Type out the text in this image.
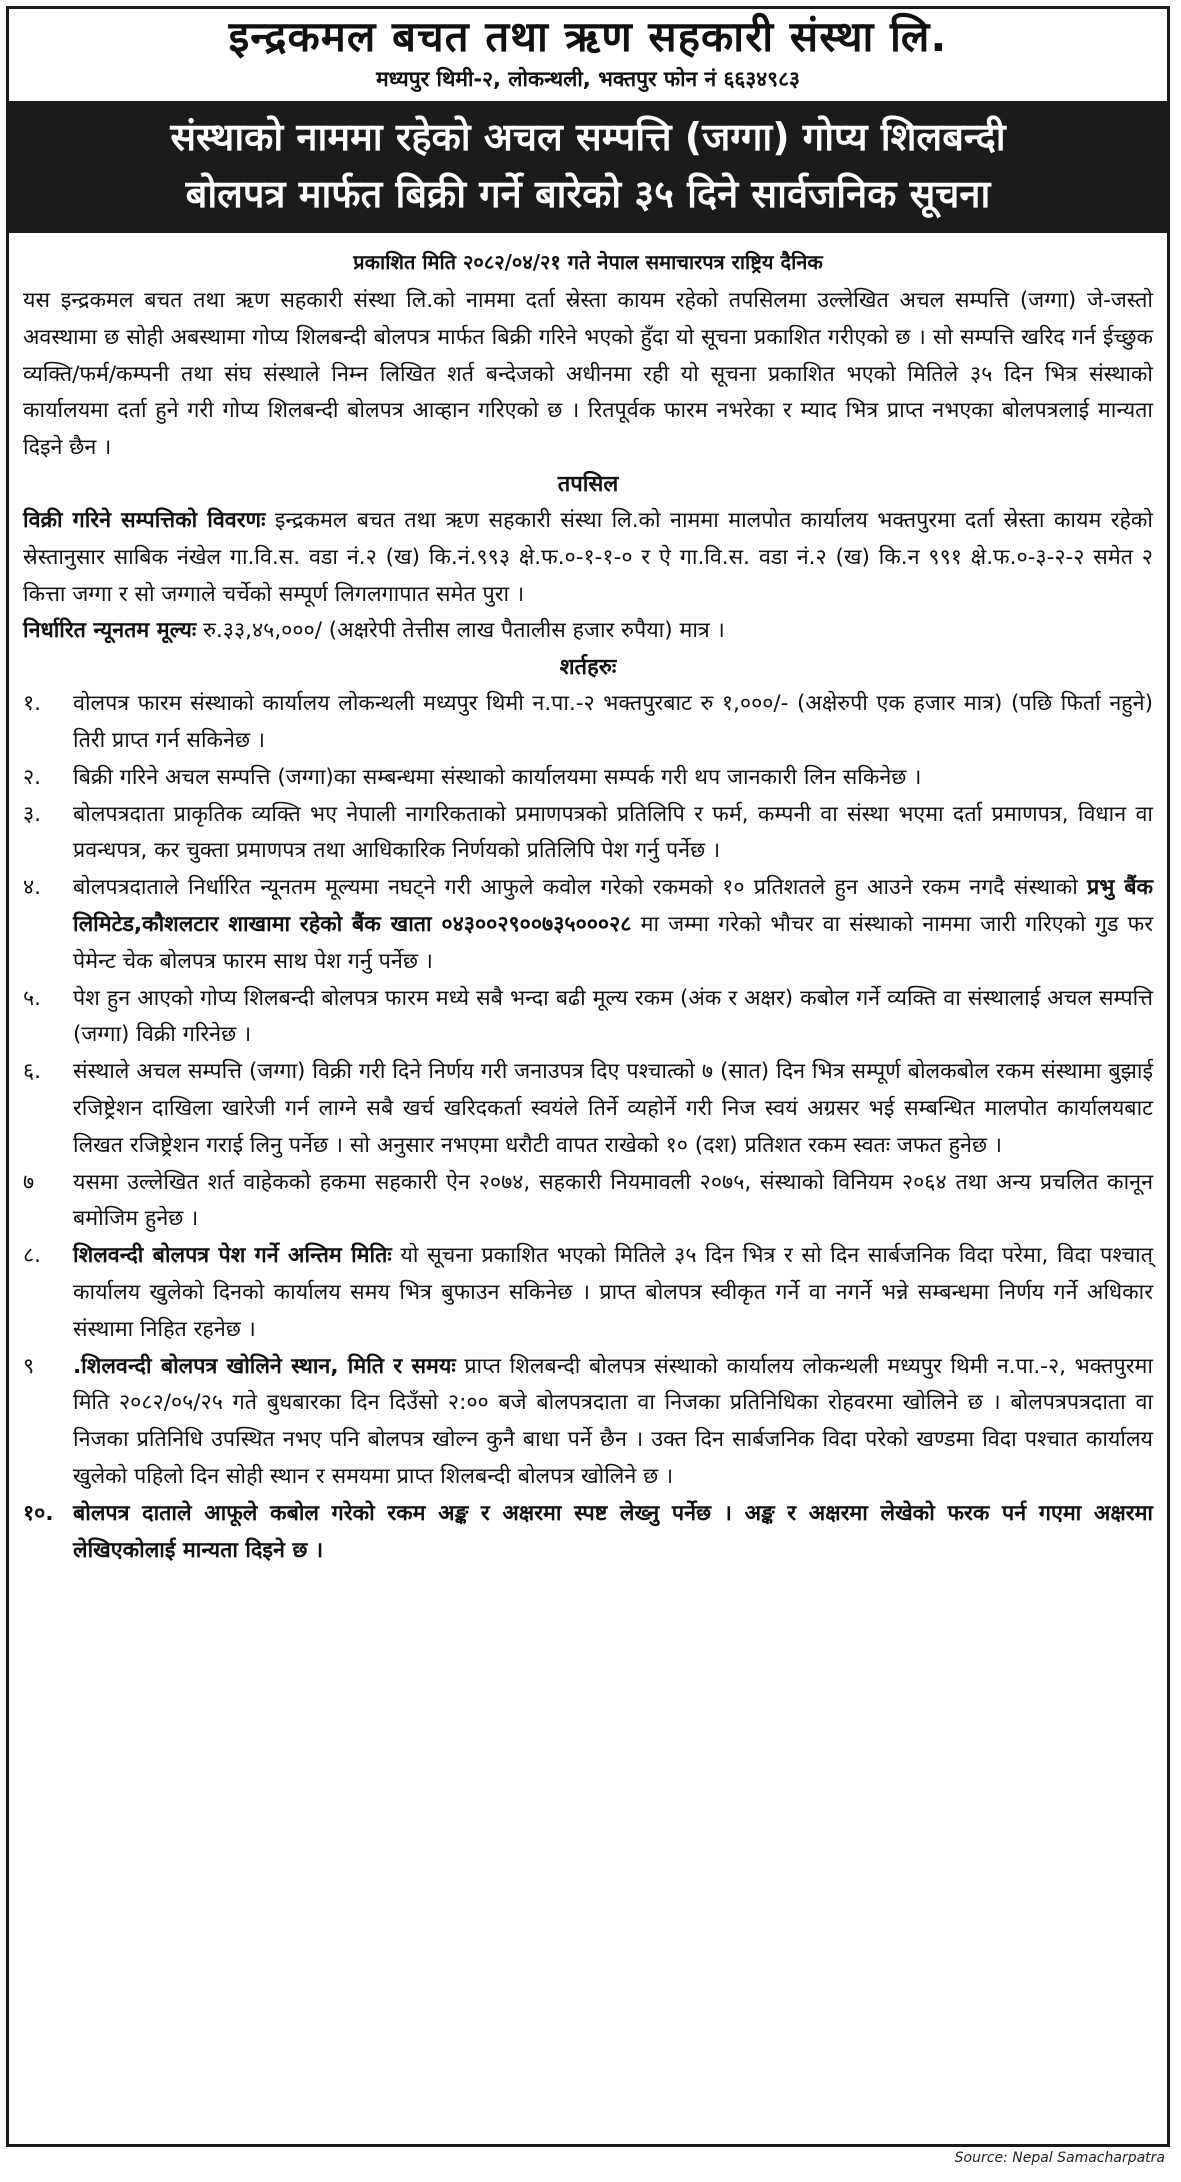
इन्द्रकमल बचत तथा ऋण सहकारी संस्था लि.
मध्यपुर थिमी-२, लोकन्थली, भक्तपुर फोन नं ६६३४९८३
संस्थाको नाममा रहेको अचल सम्पत्ति (जग्गा) गोप्य शिलबन्दी
बोलपत्र मार्फत बिक्री गर्ने बारेको ३५ दिने सार्वजनिक सूचना
प्रकाशित मिति २०८२/०४/२१ गते नेपाल समाचारपत्र राष्ट्रिय दैनिक

यस इन्द्रकमल बचत तथा ऋण सहकारी संस्था लि.को नाममा दर्ता स्रेस्ता कायम रहेको तपसिलमा उल्लेखित अचल सम्पत्ति (जग्गा) जे-जस्तो अवस्थामा छ सोही अबस्थामा गोप्य शिलबन्दी बोलपत्र मार्फत बिक्री गरिने भएको हुँदा यो सूचना प्रकाशित गरीएको छ । सो सम्पत्ति खरिद गर्न ईच्छुक व्यक्ति/फर्म/कम्पनी तथा संघ संस्थाले निम्न लिखित शर्त बन्देजको अधीनमा रही यो सूचना प्रकाशित भएको मितिले ३५ दिन भित्र संस्थाको कार्यालयमा दर्ता हुने गरी गोप्य शिलबन्दी बोलपत्र आव्हान गरिएको छ । रितपूर्वक फारम नभरेका र म्याद भित्र प्राप्त नभएका बोलपत्रलाई मान्यता दिइने छैन ।

तपसिल

विक्री गरिने सम्पत्तिको विवरणः इन्द्रकमल बचत तथा ऋण सहकारी संस्था लि.को नाममा मालपोत कार्यालय भक्तपुरमा दर्ता स्रेस्ता कायम रहेको स्रेस्तानुसार साबिक नंखेल गा.वि.स. वडा नं.२ (ख) कि.नं.९९३ क्षे.फ.०-१-१-० र ऐ गा.वि.स. वडा नं.२ (ख) कि.न ९९१ क्षे.फ.०-३-२-२ समेत २ कित्ता जग्गा र सो जग्गाले चर्चेको सम्पूर्ण लिगलगापात समेत पुरा ।

निर्धारित न्यूनतम मूल्यः रु.३३,४५,०००/ (अक्षरेपी तेत्तीस लाख पैतालीस हजार रुपैया) मात्र ।

शर्तहरुः
१.	वोलपत्र फारम संस्थाको कार्यालय लोकन्थली मध्यपुर थिमी न.पा.-२ भक्तपुरबाट रु १,०००/- (अक्षेरुपी एक हजार मात्र) (पछि फिर्ता नहुने) तिरी प्राप्त गर्न सकिनेछ ।
२.	बिक्री गरिने अचल सम्पत्ति (जग्गा)का सम्बन्धमा संस्थाको कार्यालयमा सम्पर्क गरी थप जानकारी लिन सकिनेछ ।
३.	बोलपत्रदाता प्राकृतिक व्यक्ति भए नेपाली नागरिकताको प्रमाणपत्रको प्रतिलिपि र फर्म, कम्पनी वा संस्था भएमा दर्ता प्रमाणपत्र, विधान वा प्रवन्धपत्र, कर चुक्ता प्रमाणपत्र तथा आधिकारिक निर्णयको प्रतिलिपि पेश गर्नु पर्नेछ ।
४.	बोलपत्रदाताले निर्धारित न्यूनतम मूल्यमा नघट्ने गरी आफुले कवोल गरेको रकमको १० प्रतिशतले हुन आउने रकम नगदै संस्थाको प्रभु बैंक लिमिटेड,कौशलटार शाखामा रहेको बैंक खाता ०४३००२९००७३५०००२८ मा जम्मा गरेको भौचर वा संस्थाको नाममा जारी गरिएको गुड फर पेमेन्ट चेक बोलपत्र फारम साथ पेश गर्नु पर्नेछ ।
५.	पेश हुन आएको गोप्य शिलबन्दी बोलपत्र फारम मध्ये सबै भन्दा बढी मूल्य रकम (अंक र अक्षर) कबोल गर्ने व्यक्ति वा संस्थालाई अचल सम्पत्ति (जग्गा) विक्री गरिनेछ ।
६.	संस्थाले अचल सम्पत्ति (जग्गा) विक्री गरी दिने निर्णय गरी जनाउपत्र दिए पश्चात्को ७ (सात) दिन भित्र सम्पूर्ण बोलकबोल रकम संस्थामा बुझाई रजिष्ट्रेशन दाखिला खारेजी गर्न लाग्ने सबै खर्च खरिदकर्ता स्वयंले तिर्ने व्यहोर्ने गरी निज स्वयं अग्रसर भई सम्बन्धित मालपोत कार्यालयबाट लिखत रजिष्ट्रेशन गराई लिनु पर्नेछ । सो अनुसार नभएमा धरौटी वापत राखेको १० (दश) प्रतिशत रकम स्वतः जफत हुनेछ ।
७	यसमा उल्लेखित शर्त वाहेकको हकमा सहकारी ऐन २०७४, सहकारी नियमावली २०७५, संस्थाको विनियम २०६४ तथा अन्य प्रचलित कानून बमोजिम हुनेछ ।
८.	शिलवन्दी बोलपत्र पेश गर्ने अन्तिम मितिः यो सूचना प्रकाशित भएको मितिले ३५ दिन भित्र र सो दिन सार्बजनिक विदा परेमा, विदा पश्चात् कार्यालय खुलेको दिनको कार्यालय समय भित्र बुफाउन सकिनेछ । प्राप्त बोलपत्र स्वीकृत गर्ने वा नगर्ने भन्ने सम्बन्धमा निर्णय गर्ने अधिकार संस्थामा निहित रहनेछ ।
९	.शिलवन्दी बोलपत्र खोलिने स्थान, मिति र समयः प्राप्त शिलबन्दी बोलपत्र संस्थाको कार्यालय लोकन्थली मध्यपुर थिमी न.पा.-२, भक्तपुरमा मिति २०८२/०५/२५ गते बुधबारका दिन दिउँसो २:०० बजे बोलपत्रदाता वा निजका प्रतिनिधिका रोहवरमा खोलिने छ । बोलपत्रपत्रदाता वा निजका प्रतिनिधि उपस्थित नभए पनि बोलपत्र खोल्न कुनै बाधा पर्ने छैन । उक्त दिन सार्बजनिक विदा परेको खण्डमा विदा पश्चात कार्यालय खुलेको पहिलो दिन सोही स्थान र समयमा प्राप्त शिलबन्दी बोलपत्र खोलिने छ ।
१०. बोलपत्र दाताले आफूले कबोल गरेको रकम अङ्क र अक्षरमा स्पष्ट लेख्नु पर्नेछ । अङ्क र अक्षरमा लेखेको फरक पर्न गएमा अक्षरमा लेखिएकोलाई मान्यता दिइने छ ।
Source: Nepal Samacharpatra
